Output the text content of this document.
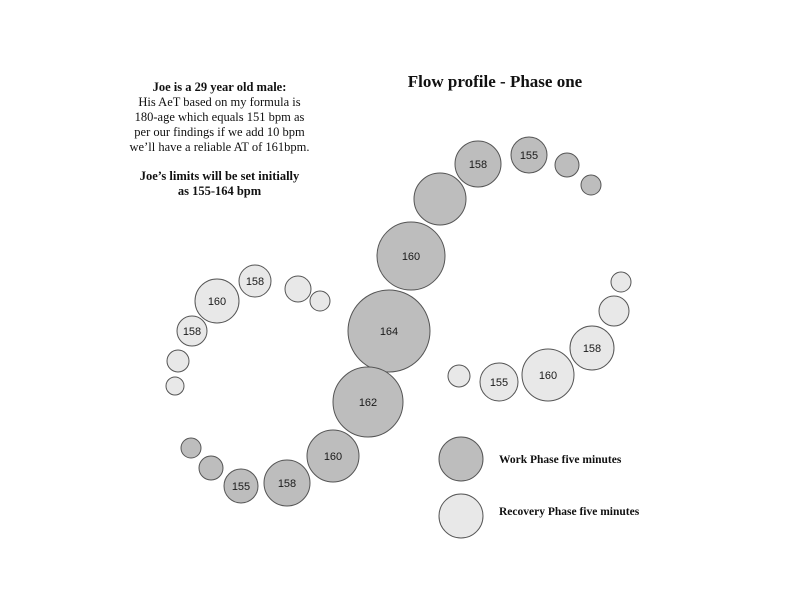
158
155
160
164
162
160
158
155
158
160
158
155
160
158
Joe is a 29 year old male:
His AeT based on my formula is
180-age which equals 151 bpm as
per our findings if we add 10 bpm
we’ll have a reliable AT of 161bpm.
Joe’s limits will be set initially
as 155-164 bpm
Flow profile - Phase one
Work Phase five minutes
Recovery Phase five minutes
